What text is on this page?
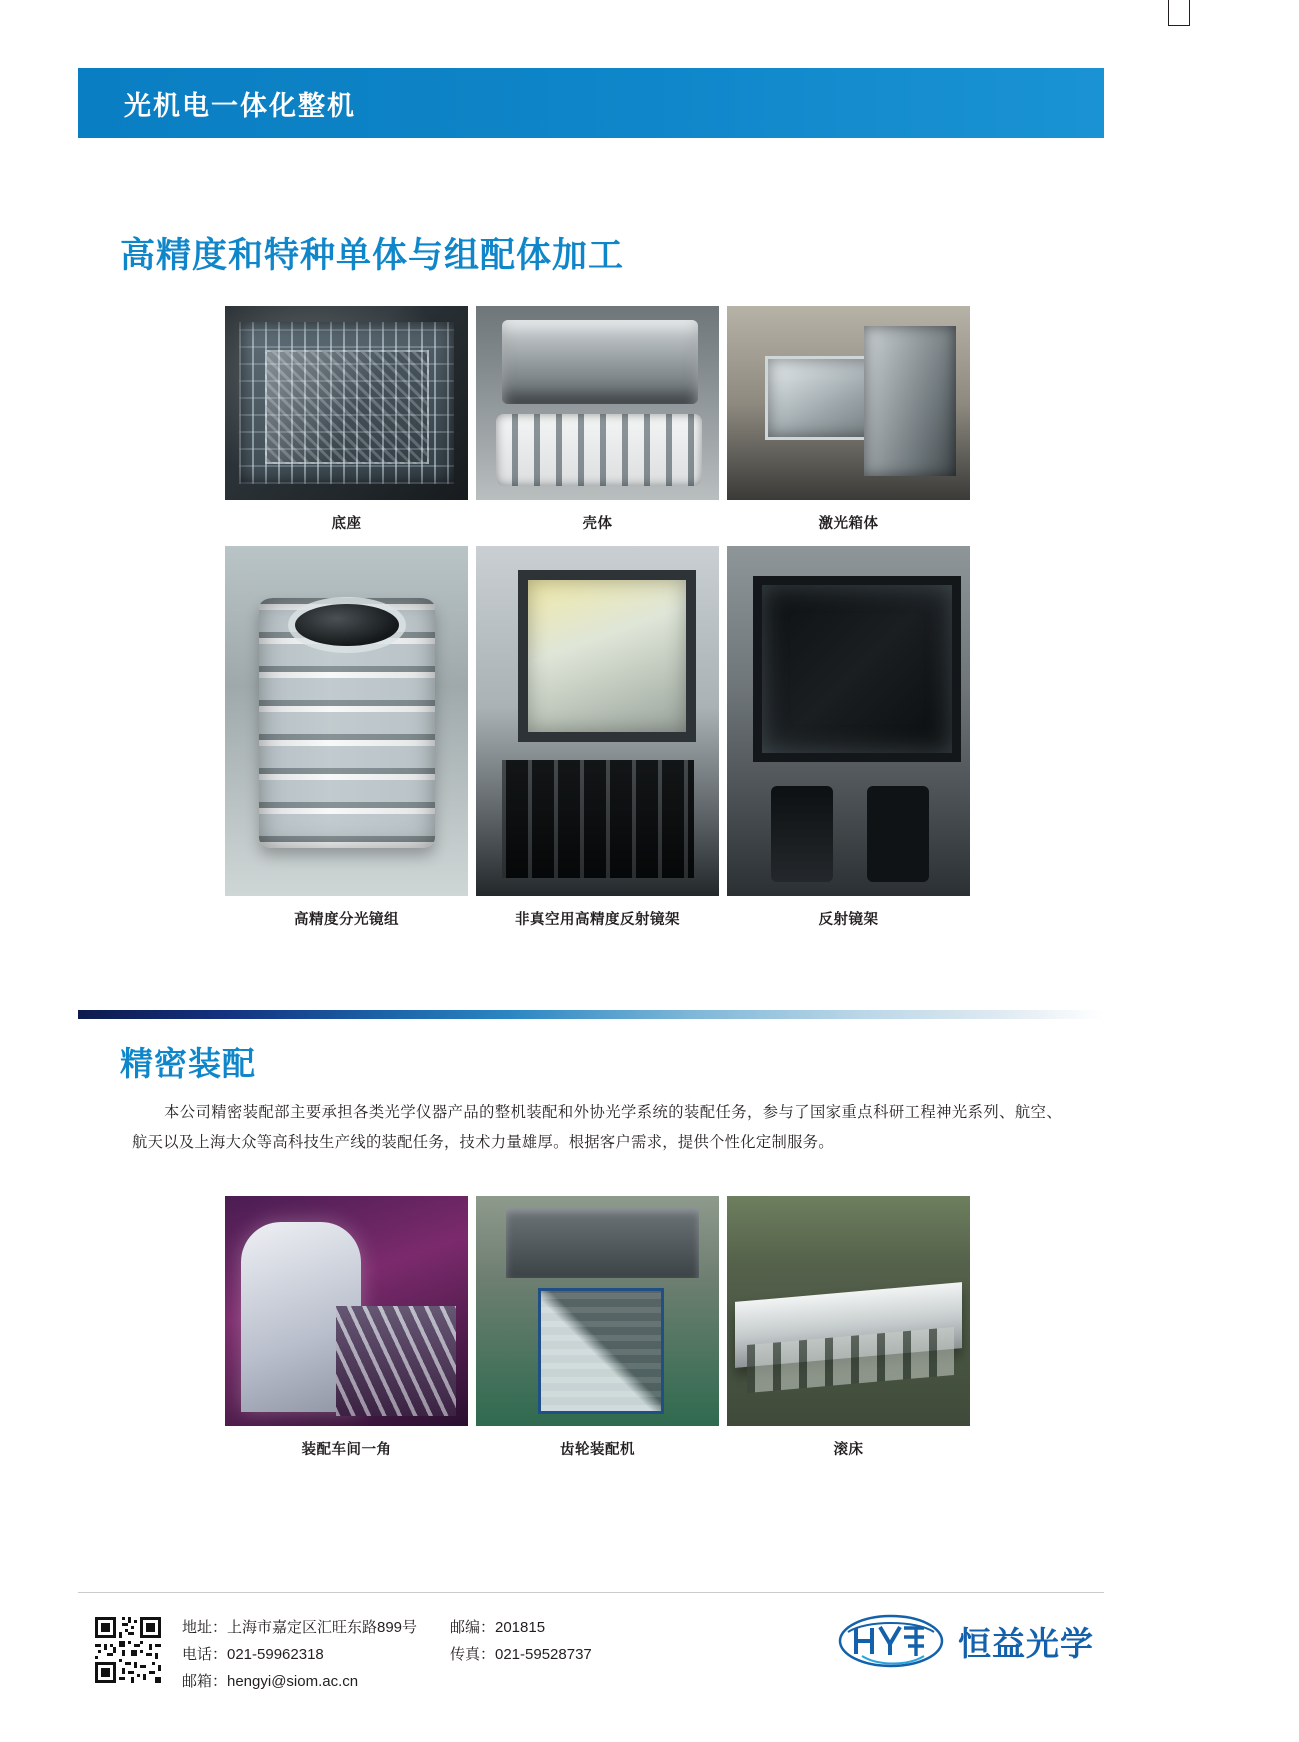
光机电一体化整机
高精度和特种单体与组配体加工
底座	壳体	激光箱体
高精度分光镜组	非真空用高精度反射镜架	反射镜架
精密装配
本公司精密装配部主要承担各类光学仪器产品的整机装配和外协光学系统的装配任务，参与了国家重点科研工程神光系列、航空、航天以及上海大众等高科技生产线的装配任务，技术力量雄厚。根据客户需求，提供个性化定制服务。
装配车间一角	齿轮装配机	滚床
地址：上海市嘉定区汇旺东路899号
电话：021-59962318
邮箱：hengyi@siom.ac.cn
邮编：201815
传真：021-59528737	恒益光学
